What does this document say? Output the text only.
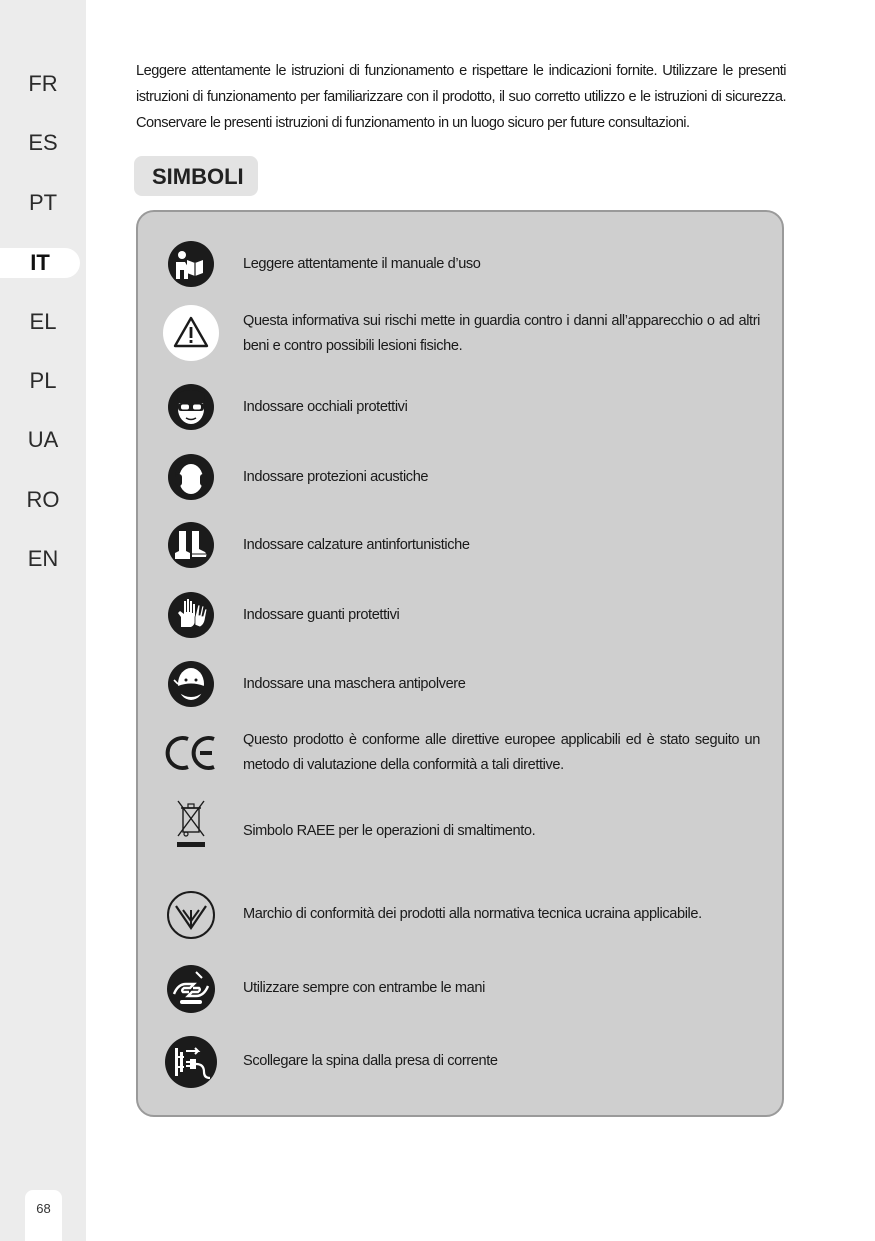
FR
ES
PT
IT
EL
PL
UA
RO
EN
68
Leggere attentamente le istruzioni di funzionamento e rispettare le indicazioni fornite. Utilizzare le presenti istruzioni di funzionamento per familiarizzare con il prodotto, il suo corretto utilizzo e le istruzioni di sicurezza. Conservare le presenti istruzioni di funzionamento in un luogo sicuro per future consultazioni.
SIMBOLI
Leggere attentamente il manuale d’uso
Questa informativa sui rischi mette in guardia contro i danni all’apparecchio o ad altri beni e contro possibili lesioni fisiche.
Indossare occhiali protettivi
Indossare protezioni acustiche
Indossare calzature antinfortunistiche
Indossare guanti protettivi
Indossare una maschera antipolvere
Questo prodotto è conforme alle direttive europee applicabili ed è stato seguito un metodo di valutazione della conformità a tali direttive.
Simbolo RAEE per le operazioni di smaltimento.
Marchio di conformità dei prodotti alla normativa tecnica ucraina applicabile.
Utilizzare sempre con entrambe le mani
Scollegare la spina dalla presa di corrente
